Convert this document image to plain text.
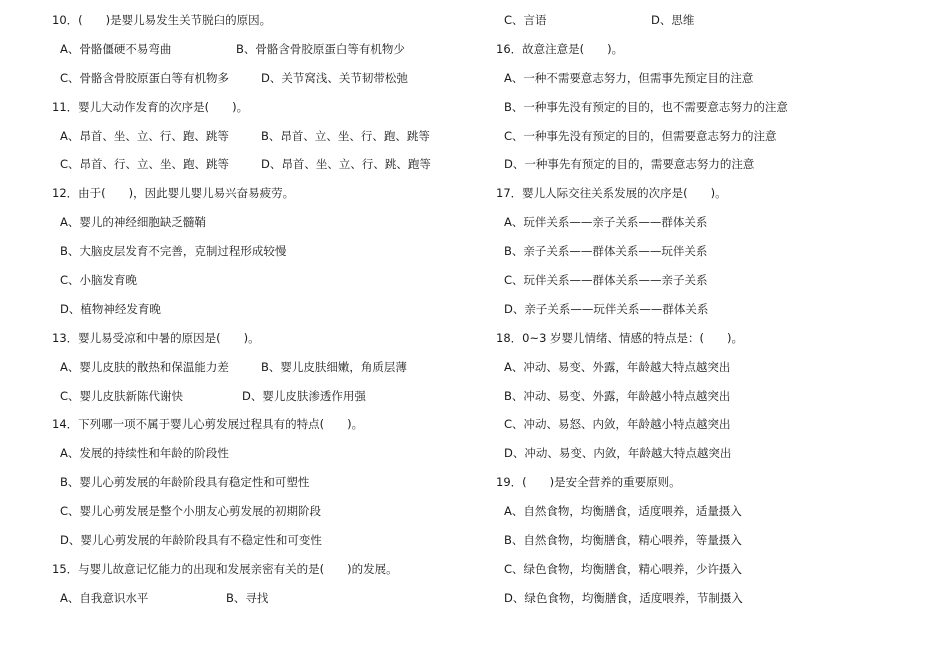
10．(　　)是婴儿易发生关节脱臼的原因。
A、骨骼僵硬不易弯曲	B、骨骼含骨胶原蛋白等有机物少
C、骨骼含骨胶原蛋白等有机物多	D、关节窝浅、关节韧带松弛
11．婴儿大动作发育的次序是(　　)。
A、昂首、坐、立、行、跑、跳等	B、昂首、立、坐、行、跑、跳等
C、昂首、行、立、坐、跑、跳等	D、昂首、坐、立、行、跳、跑等
12．由于(　　)，因此婴儿婴儿易兴奋易疲劳。
A、婴儿的神经细胞缺乏髓鞘
B、大脑皮层发育不完善，克制过程形成较慢
C、小脑发育晚
D、植物神经发育晚
13．婴儿易受凉和中暑的原因是(　　)。
A、婴儿皮肤的散热和保温能力差	B、婴儿皮肤细嫩，角质层薄
C、婴儿皮肤新陈代谢快	D、婴儿皮肤渗透作用强
14．下列哪一项不属于婴儿心剪发展过程具有的特点(　　)。
A、发展的持续性和年龄的阶段性
B、婴儿心剪发展的年龄阶段具有稳定性和可塑性
C、婴儿心剪发展是整个小朋友心剪发展的初期阶段
D、婴儿心剪发展的年龄阶段具有不稳定性和可变性
15．与婴儿故意记忆能力的出现和发展亲密有关的是(　　)的发展。
A、自我意识水平	B、寻找
C、言语	D、思维
16．故意注意是(　　)。
A、一种不需要意志努力，但需事先预定目的注意
B、一种事先没有预定的目的，也不需要意志努力的注意
C、一种事先没有预定的目的，但需要意志努力的注意
D、一种事先有预定的目的，需要意志努力的注意
17．婴儿人际交往关系发展的次序是(　　)。
A、玩伴关系——亲子关系——群体关系
B、亲子关系——群体关系——玩伴关系
C、玩伴关系——群体关系——亲子关系
D、亲子关系——玩伴关系——群体关系
18．0~3 岁婴儿情绪、情感的特点是：(　　)。
A、冲动、易变、外露，年龄越大特点越突出
B、冲动、易变、外露，年龄越小特点越突出
C、冲动、易怒、内敛，年龄越小特点越突出
D、冲动、易变、内敛，年龄越大特点越突出
19．(　　)是安全营养的重要原则。
A、自然食物，均衡膳食，适度喂养，适量摄入
B、自然食物，均衡膳食，精心喂养，等量摄入
C、绿色食物，均衡膳食，精心喂养，少许摄入
D、绿色食物，均衡膳食，适度喂养，节制摄入
